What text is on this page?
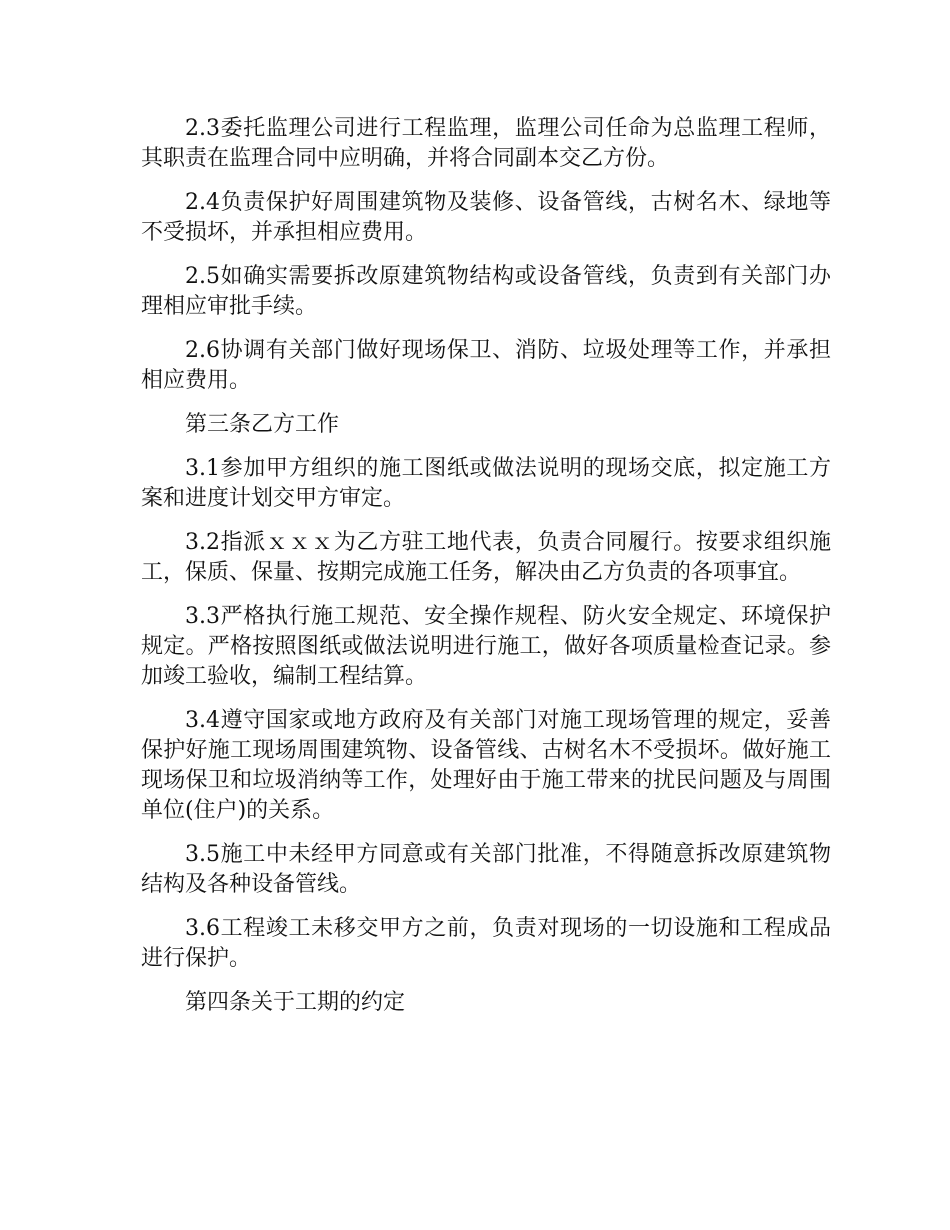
2.3委托监理公司进行工程监理，监理公司任命为总监理工程师，其职责在监理合同中应明确，并将合同副本交乙方份。

2.4负责保护好周围建筑物及装修、设备管线，古树名木、绿地等不受损坏，并承担相应费用。

2.5如确实需要拆改原建筑物结构或设备管线，负责到有关部门办理相应审批手续。

2.6协调有关部门做好现场保卫、消防、垃圾处理等工作，并承担相应费用。

第三条乙方工作

3.1参加甲方组织的施工图纸或做法说明的现场交底，拟定施工方案和进度计划交甲方审定。

3.2指派ｘｘｘ为乙方驻工地代表，负责合同履行。按要求组织施工，保质、保量、按期完成施工任务，解决由乙方负责的各项事宜。

3.3严格执行施工规范、安全操作规程、防火安全规定、环境保护规定。严格按照图纸或做法说明进行施工，做好各项质量检查记录。参加竣工验收，编制工程结算。

3.4遵守国家或地方政府及有关部门对施工现场管理的规定，妥善保护好施工现场周围建筑物、设备管线、古树名木不受损坏。做好施工现场保卫和垃圾消纳等工作，处理好由于施工带来的扰民问题及与周围单位(住户)的关系。

3.5施工中未经甲方同意或有关部门批准，不得随意拆改原建筑物结构及各种设备管线。

3.6工程竣工未移交甲方之前，负责对现场的一切设施和工程成品进行保护。

第四条关于工期的约定
